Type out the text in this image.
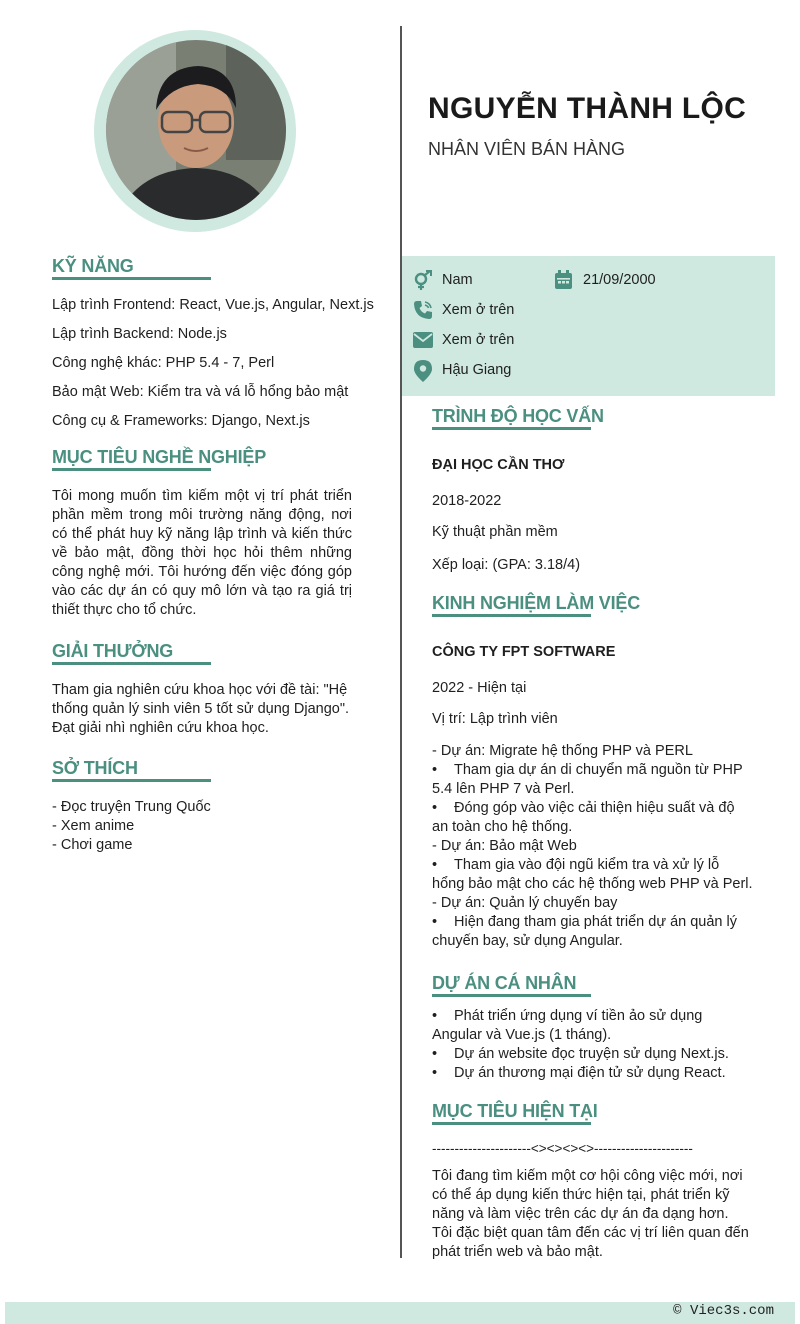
NGUYỄN THÀNH LỘC
NHÂN VIÊN BÁN HÀNG
Nam	21/09/2000
Xem ở trên
Xem ở trên
Hậu Giang
KỸ NĂNG
Lập trình Frontend: React, Vue.js, Angular, Next.js
Lập trình Backend: Node.js
Công nghệ khác: PHP 5.4 - 7, Perl
Bảo mật Web: Kiểm tra và vá lỗ hổng bảo mật
Công cụ & Frameworks: Django, Next.js
MỤC TIÊU NGHỀ NGHIỆP
Tôi mong muốn tìm kiếm một vị trí phát triển phần mềm trong môi trường năng động, nơi có thể phát huy kỹ năng lập trình và kiến thức về bảo mật, đồng thời học hỏi thêm những công nghệ mới. Tôi hướng đến việc đóng góp vào các dự án có quy mô lớn và tạo ra giá trị thiết thực cho tổ chức.
GIẢI THƯỞNG
Tham gia nghiên cứu khoa học với đề tài: "Hệ thống quản lý sinh viên 5 tốt sử dụng Django".
Đạt giải nhì nghiên cứu khoa học.
SỞ THÍCH
- Đọc truyện Trung Quốc
- Xem anime
- Chơi game
TRÌNH ĐỘ HỌC VẤN
ĐẠI HỌC CẦN THƠ
2018-2022
Kỹ thuật phần mềm
Xếp loại: (GPA: 3.18/4)
KINH NGHIỆM LÀM VIỆC
CÔNG TY FPT SOFTWARE
2022 - Hiện tại
Vị trí: Lập trình viên
- Dự án: Migrate hệ thống PHP và PERL
• Tham gia dự án di chuyển mã nguồn từ PHP 5.4 lên PHP 7 và Perl.
• Đóng góp vào việc cải thiện hiệu suất và độ an toàn cho hệ thống.
- Dự án: Bảo mật Web
• Tham gia vào đội ngũ kiểm tra và xử lý lỗ hổng bảo mật cho các hệ thống web PHP và Perl.
- Dự án: Quản lý chuyến bay
• Hiện đang tham gia phát triển dự án quản lý chuyến bay, sử dụng Angular.
DỰ ÁN CÁ NHÂN
• Phát triển ứng dụng ví tiền ảo sử dụng Angular và Vue.js (1 tháng).
• Dự án website đọc truyện sử dụng Next.js.
• Dự án thương mại điện tử sử dụng React.
MỤC TIÊU HIỆN TẠI
----------------------<><><><>----------------------
Tôi đang tìm kiếm một cơ hội công việc mới, nơi có thể áp dụng kiến thức hiện tại, phát triển kỹ năng và làm việc trên các dự án đa dạng hơn. Tôi đặc biệt quan tâm đến các vị trí liên quan đến phát triển web và bảo mật.
© Viec3s.com
